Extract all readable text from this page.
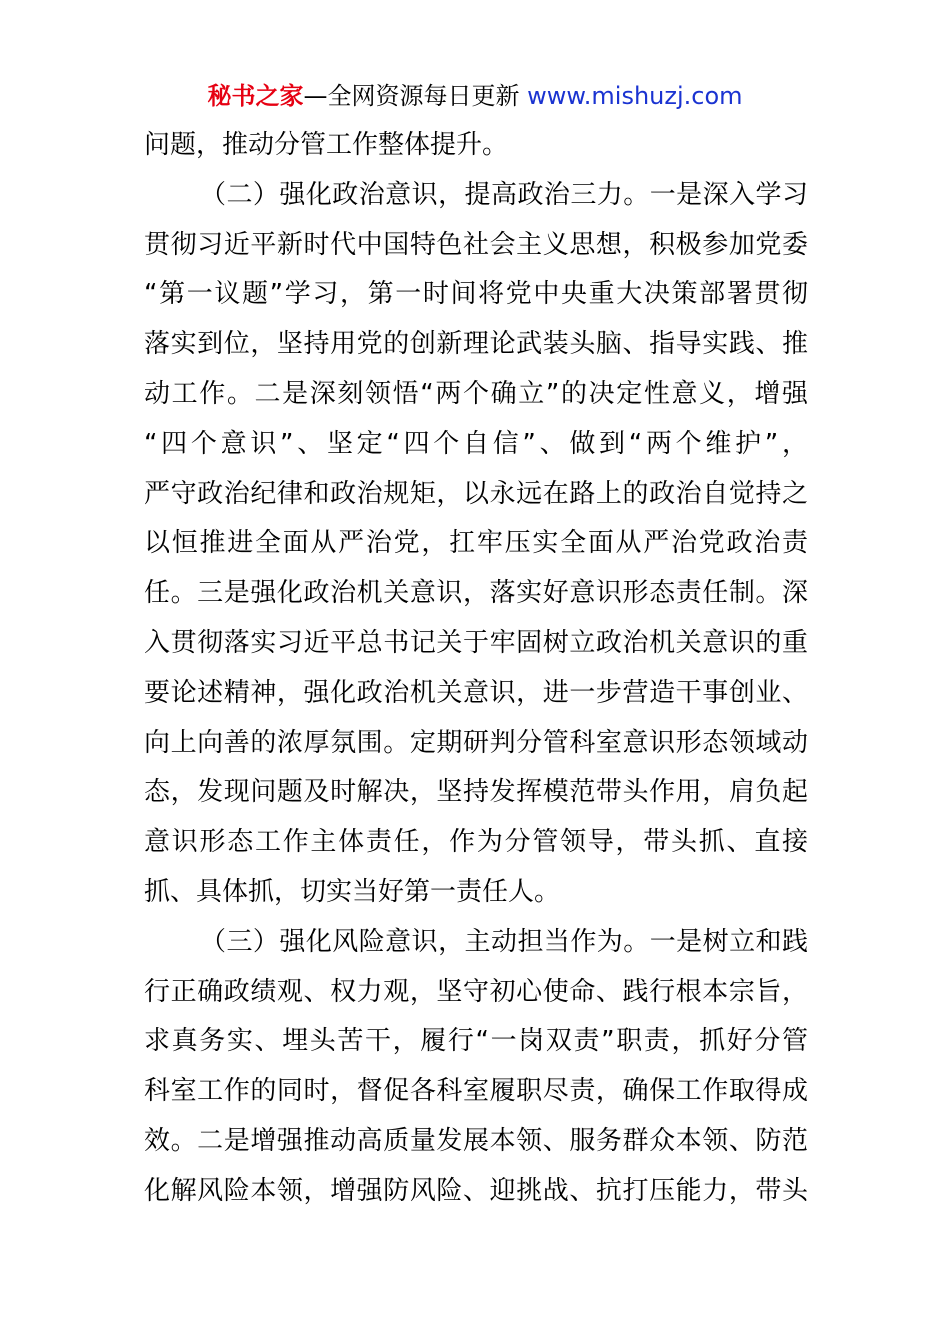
秘书之家—全网资源每日更新 www.mishuzj.com
问题，推动分管工作整体提升。
（二）强化政治意识，提高政治三力。一是深入学习
贯彻习近平新时代中国特色社会主义思想，积极参加党委
“第一议题”学习，第一时间将党中央重大决策部署贯彻
落实到位，坚持用党的创新理论武装头脑、指导实践、推
动工作。二是深刻领悟“两个确立”的决定性意义，增强
“四个意识”、坚定“四个自信”、做到“两个维护”，
严守政治纪律和政治规矩，以永远在路上的政治自觉持之
以恒推进全面从严治党，扛牢压实全面从严治党政治责
任。三是强化政治机关意识，落实好意识形态责任制。深
入贯彻落实习近平总书记关于牢固树立政治机关意识的重
要论述精神，强化政治机关意识，进一步营造干事创业、
向上向善的浓厚氛围。定期研判分管科室意识形态领域动
态，发现问题及时解决，坚持发挥模范带头作用，肩负起
意识形态工作主体责任，作为分管领导，带头抓、直接
抓、具体抓，切实当好第一责任人。
（三）强化风险意识，主动担当作为。一是树立和践
行正确政绩观、权力观，坚守初心使命、践行根本宗旨，
求真务实、埋头苦干，履行“一岗双责”职责，抓好分管
科室工作的同时，督促各科室履职尽责，确保工作取得成
效。二是增强推动高质量发展本领、服务群众本领、防范
化解风险本领，增强防风险、迎挑战、抗打压能力，带头
